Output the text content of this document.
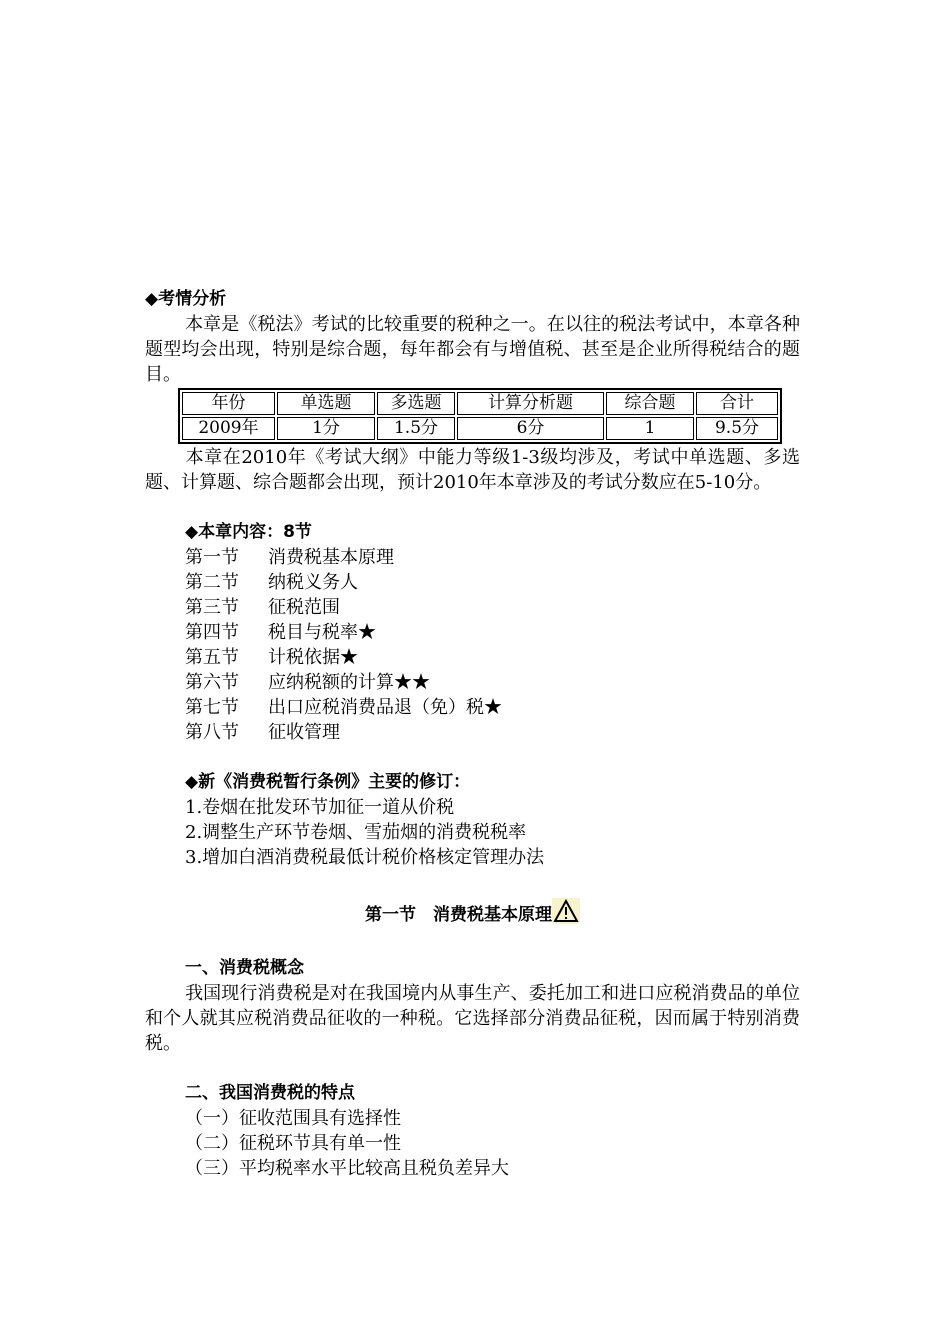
◆考情分析
本章是《税法》考试的比较重要的税种之一。在以往的税法考试中，本章各种题型均会出现，特别是综合题，每年都会有与增值税、甚至是企业所得税结合的题目。
年份	单选题	多选题	计算分析题	综合题	合计
2009年	1分	1.5分	6分	1	9.5分
本章在2010年《考试大纲》中能力等级1-3级均涉及，考试中单选题、多选题、计算题、综合题都会出现，预计2010年本章涉及的考试分数应在5-10分。
◆本章内容：8节
第一节 消费税基本原理
第二节 纳税义务人
第三节 征税范围
第四节 税目与税率★
第五节 计税依据★
第六节 应纳税额的计算★★
第七节 出口应税消费品退（免）税★
第八节 征收管理
◆新《消费税暂行条例》主要的修订：
1.卷烟在批发环节加征一道从价税
2.调整生产环节卷烟、雪茄烟的消费税税率
3.增加白酒消费税最低计税价格核定管理办法
第一节　消费税基本原理
一、消费税概念
我国现行消费税是对在我国境内从事生产、委托加工和进口应税消费品的单位和个人就其应税消费品征收的一种税。它选择部分消费品征税，因而属于特别消费税。
二、我国消费税的特点
（一）征收范围具有选择性
（二）征税环节具有单一性
（三）平均税率水平比较高且税负差异大
